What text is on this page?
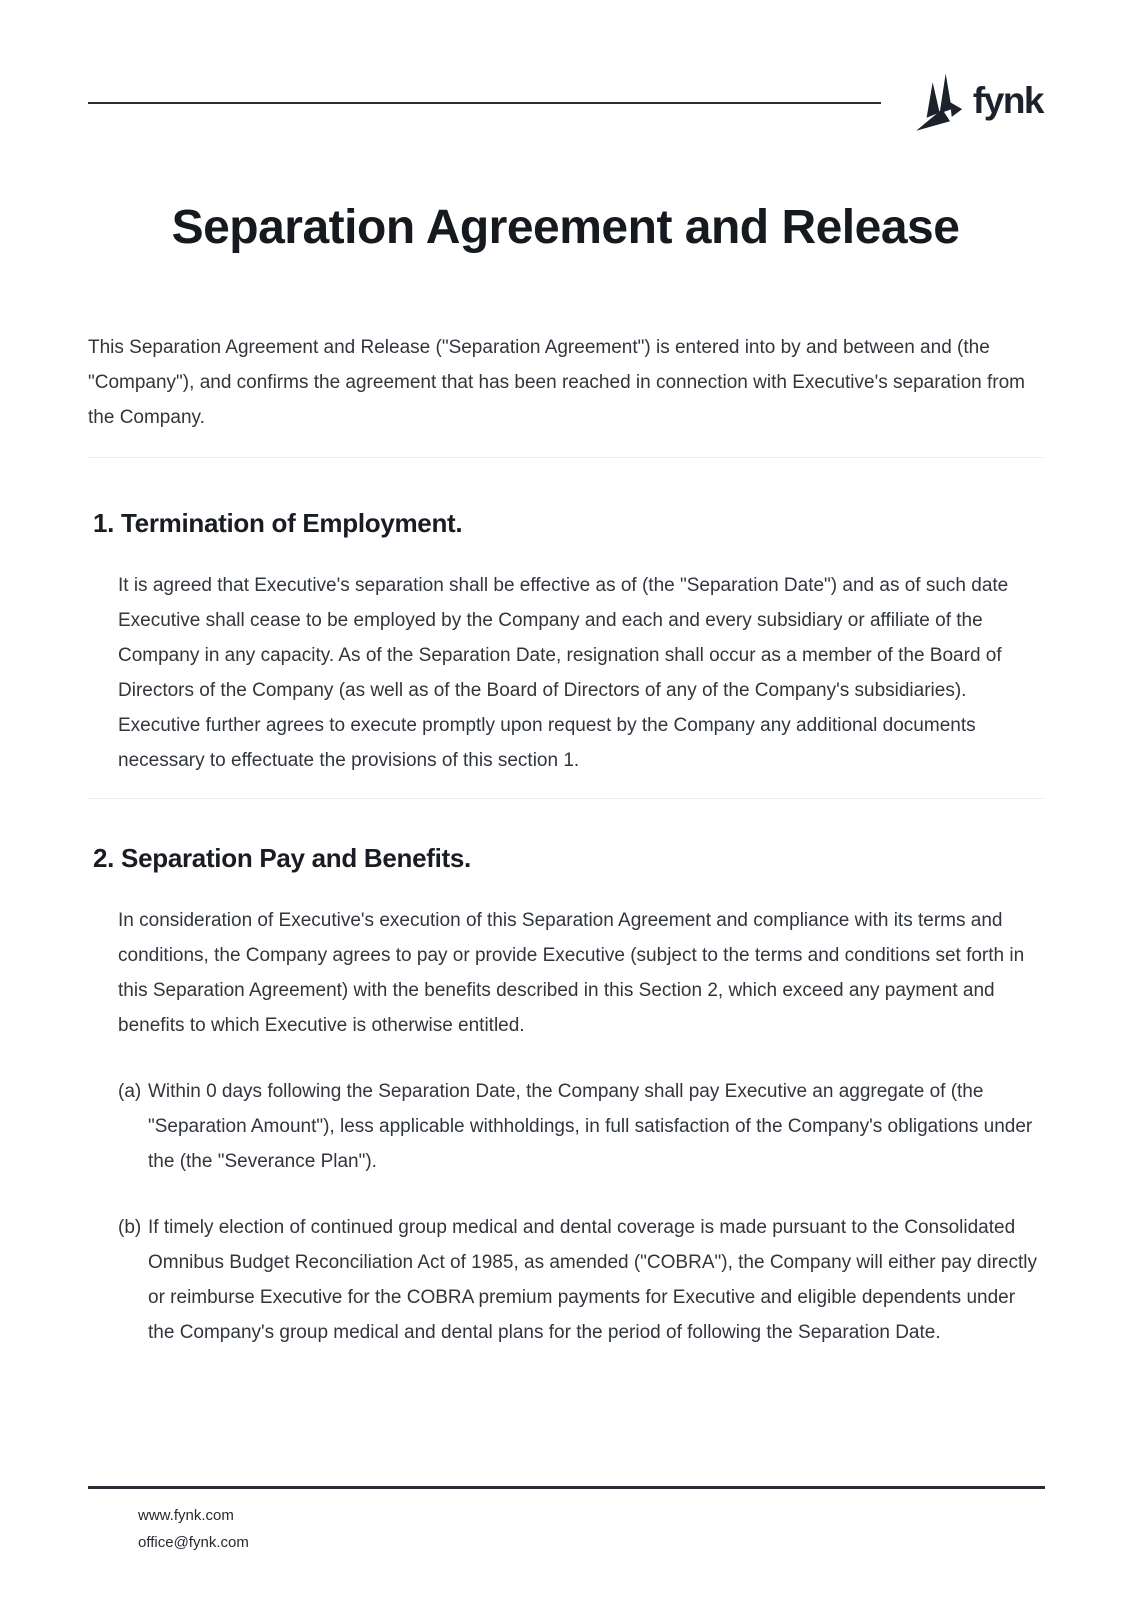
fynk
Separation Agreement and Release

This Separation Agreement and Release ("Separation Agreement") is entered into by and between and (the "Company"), and confirms the agreement that has been reached in connection with Executive's separation from the Company.

1. Termination of Employment.

It is agreed that Executive's separation shall be effective as of (the "Separation Date") and as of such date Executive shall cease to be employed by the Company and each and every subsidiary or affiliate of the Company in any capacity. As of the Separation Date, resignation shall occur as a member of the Board of Directors of the Company (as well as of the Board of Directors of any of the Company's subsidiaries). Executive further agrees to execute promptly upon request by the Company any additional documents necessary to effectuate the provisions of this section 1.

2. Separation Pay and Benefits.

In consideration of Executive's execution of this Separation Agreement and compliance with its terms and conditions, the Company agrees to pay or provide Executive (subject to the terms and conditions set forth in this Separation Agreement) with the benefits described in this Section 2, which exceed any payment and benefits to which Executive is otherwise entitled.

(a) Within 0 days following the Separation Date, the Company shall pay Executive an aggregate of (the "Separation Amount"), less applicable withholdings, in full satisfaction of the Company's obligations under the (the "Severance Plan").
(b) If timely election of continued group medical and dental coverage is made pursuant to the Consolidated Omnibus Budget Reconciliation Act of 1985, as amended ("COBRA"), the Company will either pay directly or reimburse Executive for the COBRA premium payments for Executive and eligible dependents under the Company's group medical and dental plans for the period of following the Separation Date.
www.fynk.com
office@fynk.com
